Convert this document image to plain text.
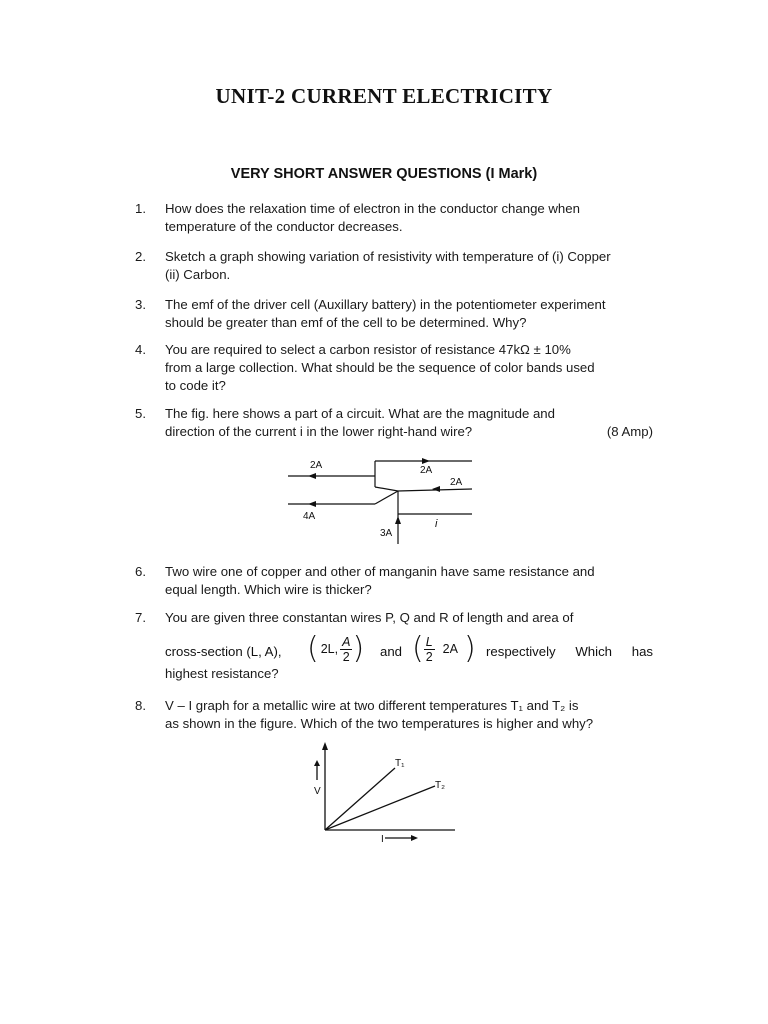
UNIT-2 CURRENT ELECTRICITY
VERY SHORT ANSWER QUESTIONS (I Mark)
1.	How does the relaxation time of electron in the conductor change when
temperature of the conductor decreases.
2.	Sketch a graph showing variation of resistivity with temperature of (i) Copper
(ii) Carbon.
3.	The emf of the driver cell (Auxillary battery) in the potentiometer experiment
should be greater than emf of the cell to be determined. Why?
4.	You are required to select a carbon resistor of resistance 47kΩ ± 10%
from a large collection. What should be the sequence of color bands used
to code it?
5.	The fig. here shows a part of a circuit. What are the magnitude and
direction of the current i in the lower right-hand wire?	(8 Amp)
2A	2A
2A
4A
3A
i
6.	Two wire one of copper and other of manganin have same resistance and
equal length. Which wire is thicker?
7.	You are given three constantan wires P, Q and R of length and area of
cross-section (L, A), ( 2L, $\frac{A}{2}$ ) and ( $\frac{L}{2} 2A$ ) respectively Which has
highest resistance?
8.	V – I graph for a metallic wire at two different temperatures T₁ and T₂ is
as shown in the figure. Which of the two temperatures is higher and why?
V
I
T₁
T₂
